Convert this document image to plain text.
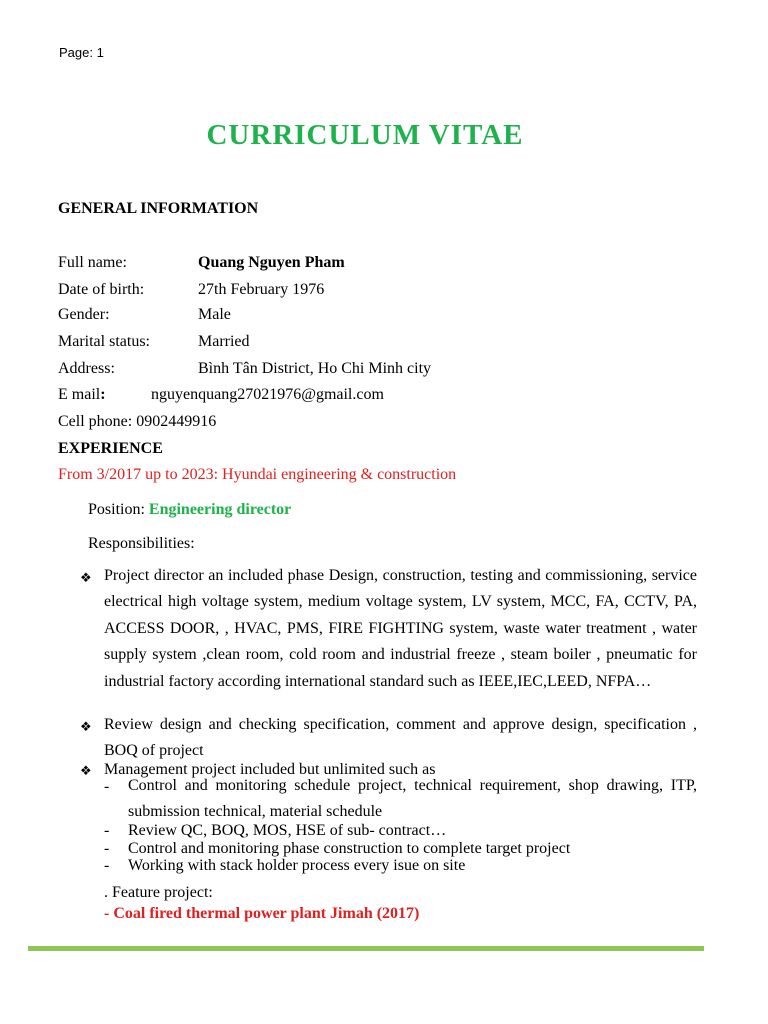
Page: 1
CURRICULUM VITAE
GENERAL INFORMATION
Full name:	Quang Nguyen Pham
Date of birth:	27th February 1976
Gender:	Male
Marital status:	Married
Address:	Bình Tân District, Ho Chi Minh city
E mail:	nguyenquang27021976@gmail.com
Cell phone: 0902449916
EXPERIENCE
From 3/2017 up to 2023: Hyundai engineering & construction
Position: Engineering director
Responsibilities:
❖ Project director an included phase Design, construction, testing and commissioning, service electrical high voltage system, medium voltage system, LV system, MCC, FA, CCTV, PA, ACCESS DOOR, , HVAC, PMS, FIRE FIGHTING system, waste water treatment , water supply system ,clean room, cold room and industrial freeze , steam boiler , pneumatic for industrial factory according international standard such as IEEE,IEC,LEED, NFPA…
❖ Review design and checking specification, comment and approve design, specification , BOQ of project
❖ Management project included but unlimited such as
- Control and monitoring schedule project, technical requirement, shop drawing, ITP, submission technical, material schedule
- Review QC, BOQ, MOS, HSE of sub- contract…
- Control and monitoring phase construction to complete target project
- Working with stack holder process every isue on site
. Feature project:
- Coal fired thermal power plant Jimah (2017)
